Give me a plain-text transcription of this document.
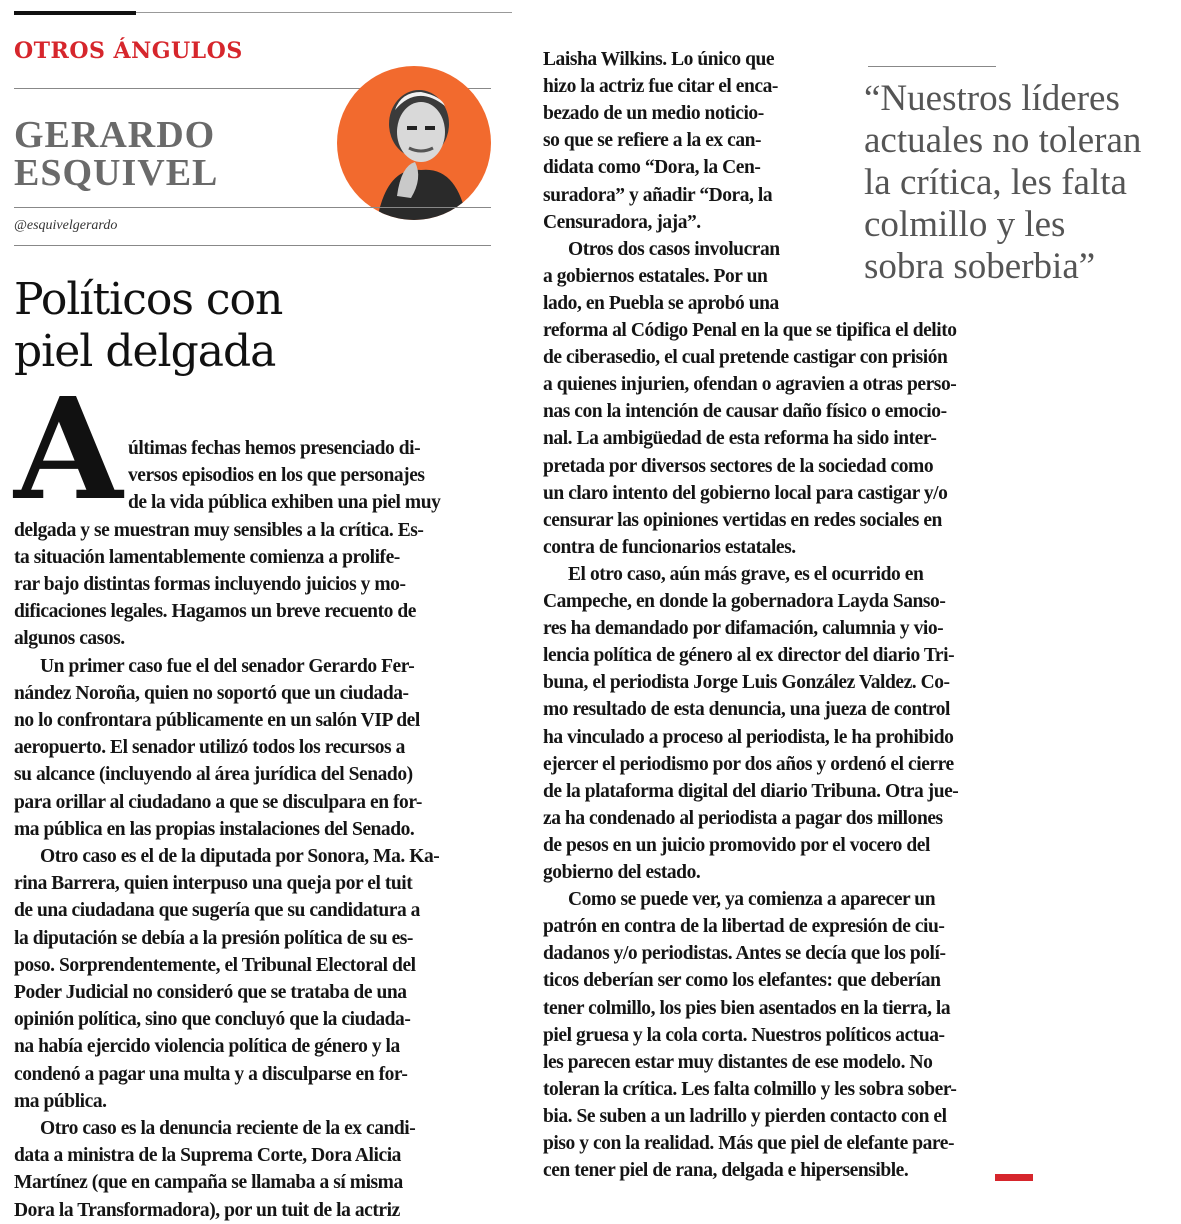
OTROS ÁNGULOS
GERARDO
ESQUIVEL
@esquivelgerardo
Políticos con
piel delgada
A últimas fechas hemos presenciado di-
versos episodios en los que personajes
de la vida pública exhiben una piel muy
delgada y se muestran muy sensibles a la crítica. Es-
ta situación lamentablemente comienza a prolife-
rar bajo distintas formas incluyendo juicios y mo-
dificaciones legales. Hagamos un breve recuento de
algunos casos.
Un primer caso fue el del senador Gerardo Fer-
nández Noroña, quien no soportó que un ciudada-
no lo confrontara públicamente en un salón VIP del
aeropuerto. El senador utilizó todos los recursos a
su alcance (incluyendo al área jurídica del Senado)
para orillar al ciudadano a que se disculpara en for-
ma pública en las propias instalaciones del Senado.
Otro caso es el de la diputada por Sonora, Ma. Ka-
rina Barrera, quien interpuso una queja por el tuit
de una ciudadana que sugería que su candidatura a
la diputación se debía a la presión política de su es-
poso. Sorprendentemente, el Tribunal Electoral del
Poder Judicial no consideró que se trataba de una
opinión política, sino que concluyó que la ciudada-
na había ejercido violencia política de género y la
condenó a pagar una multa y a disculparse en for-
ma pública.
Otro caso es la denuncia reciente de la ex candi-
data a ministra de la Suprema Corte, Dora Alicia
Martínez (que en campaña se llamaba a sí misma
Dora la Transformadora), por un tuit de la actriz
Laisha Wilkins. Lo único que
hizo la actriz fue citar el enca-
bezado de un medio noticio-
so que se refiere a la ex can-
didata como “Dora, la Cen-
suradora” y añadir “Dora, la
Censuradora, jaja”.
Otros dos casos involucran
a gobiernos estatales. Por un
lado, en Puebla se aprobó una
reforma al Código Penal en la que se tipifica el delito
de ciberasedio, el cual pretende castigar con prisión
a quienes injurien, ofendan o agravien a otras perso-
nas con la intención de causar daño físico o emocio-
nal. La ambigüedad de esta reforma ha sido inter-
pretada por diversos sectores de la sociedad como
un claro intento del gobierno local para castigar y/o
censurar las opiniones vertidas en redes sociales en
contra de funcionarios estatales.
El otro caso, aún más grave, es el ocurrido en
Campeche, en donde la gobernadora Layda Sanso-
res ha demandado por difamación, calumnia y vio-
lencia política de género al ex director del diario Tri-
buna, el periodista Jorge Luis González Valdez. Co-
mo resultado de esta denuncia, una jueza de control
ha vinculado a proceso al periodista, le ha prohibido
ejercer el periodismo por dos años y ordenó el cierre
de la plataforma digital del diario Tribuna. Otra jue-
za ha condenado al periodista a pagar dos millones
de pesos en un juicio promovido por el vocero del
gobierno del estado.
Como se puede ver, ya comienza a aparecer un
patrón en contra de la libertad de expresión de ciu-
dadanos y/o periodistas. Antes se decía que los polí-
ticos deberían ser como los elefantes: que deberían
tener colmillo, los pies bien asentados en la tierra, la
piel gruesa y la cola corta. Nuestros políticos actua-
les parecen estar muy distantes de ese modelo. No
toleran la crítica. Les falta colmillo y les sobra sober-
bia. Se suben a un ladrillo y pierden contacto con el
piso y con la realidad. Más que piel de elefante pare-
cen tener piel de rana, delgada e hipersensible.
“Nuestros líderes
actuales no toleran
la crítica, les falta
colmillo y les
sobra soberbia”
